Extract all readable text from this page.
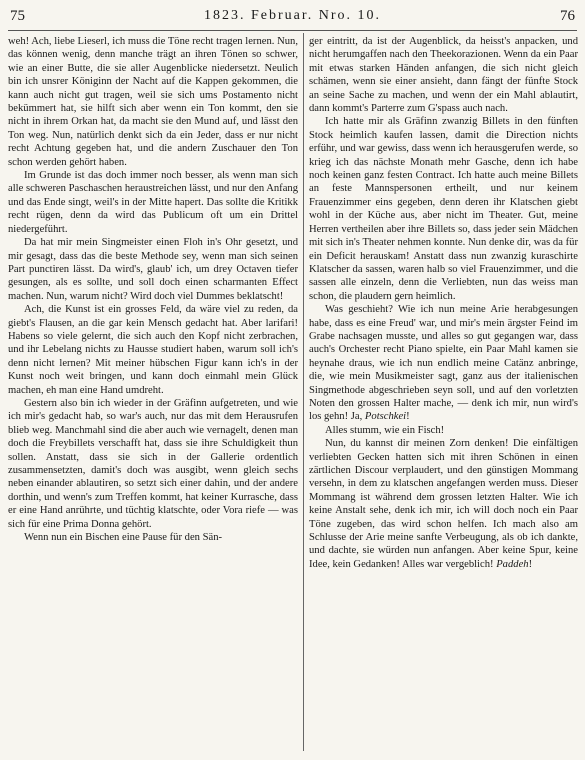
75	1823. Februar. Nro. 10.	76

weh! Ach, liebe Lieserl, ich muss die Töne recht tragen lernen. Nun, das können wenig, denn manche trägt an ihren Tönen so schwer, wie an einer Butte, die sie aller Augenblicke niedersetzt. Neulich bin ich unsrer Königinn der Nacht auf die Kappen gekommen, die kann auch nicht gut tragen, weil sie sich ums Postamento nicht bekümmert hat, sie hilft sich aber wenn ein Ton kommt, den sie nicht in ihrem Orkan hat, da macht sie den Mund auf, und lässt den Ton weg. Nun, natürlich denkt sich da ein Jeder, dass er nur nicht recht Achtung gegeben hat, und die andern Zuschauer den Ton schon werden gehört haben.

Im Grunde ist das doch immer noch besser, als wenn man sich alle schweren Paschaschen heraustreichen lässt, und nur den Anfang und das Ende singt, weil's in der Mitte hapert. Das sollte die Kritikk recht rügen, denn da wird das Publicum oft um ein Drittel niedergeführt.

Da hat mir mein Singmeister einen Floh in's Ohr gesetzt, und mir gesagt, dass das die beste Methode sey, wenn man sich seinen Part punctiren lässt. Da wird's, glaub' ich, um drey Octaven tiefer gesungen, als es sollte, und soll doch einen scharmanten Effect machen. Nun, warum nicht? Wird doch viel Dummes beklatscht!

Ach, die Kunst ist ein grosses Feld, da wäre viel zu reden, da giebt's Flausen, an die gar kein Mensch gedacht hat. Aber larifari! Habens so viele gelernt, die sich auch den Kopf nicht zerbrachen, und ihr Lebelang nichts zu Hausse studiert haben, warum soll ich's denn nicht lernen? Mit meiner hübschen Figur kann ich's in der Kunst noch weit bringen, und kann doch einmahl mein Glück machen, eh man eine Hand umdreht.

Gestern also bin ich wieder in der Gräfinn aufgetreten, und wie ich mir's gedacht hab, so war's auch, nur das mit dem Herausrufen blieb weg. Manchmahl sind die aber auch wie vernagelt, denen man doch die Freybillets verschafft hat, dass sie ihre Schuldigkeit thun sollen. Anstatt, dass sie sich in der Gallerie ordentlich zusammensetzten, damit's doch was ausgibt, wenn gleich sechs neben einander ablautiren, so setzt sich einer dahin, und der andere dorthin, und wenn's zum Treffen kommt, hat keiner Kurrasche, dass er eine Hand anrührte, und tüchtig klatschte, oder Vora riefe — was sich für eine Prima Donna gehört.

Wenn nun ein Bischen eine Pause für den Sän-

ger eintritt, da ist der Augenblick, da heisst's anpacken, und nicht herumgaffen nach den Theekorazionen. Wenn da ein Paar mit etwas starken Händen anfangen, die sich nicht gleich schämen, wenn sie einer ansieht, dann fängt der fünfte Stock an seine Sache zu machen, und wenn der ein Mahl ablautirt, dann kommt's Parterre zum G'spass auch nach.

Ich hatte mir als Gräfinn zwanzig Billets in den fünften Stock heimlich kaufen lassen, damit die Direction nichts erführ, und war gewiss, dass wenn ich herausgerufen werde, so krieg ich das nächste Monath mehr Gasche, denn ich habe noch keinen ganz festen Contract. Ich hatte auch meine Billets an feste Mannspersonen ertheilt, und nur keinem Frauenzimmer eins gegeben, denn deren ihr Klatschen giebt wohl in der Küche aus, aber nicht im Theater. Gut, meine Herren vertheilen aber ihre Billets so, dass jeder sein Mädchen mit sich in's Theater nehmen konnte. Nun denke dir, was da für ein Deficit herauskam! Anstatt dass nun zwanzig kuraschirte Klatscher da sassen, waren halb so viel Frauenzimmer, und die sassen alle einzeln, denn die Verliebten, nun das weiss man schon, die plaudern gern heimlich.

Was geschieht? Wie ich nun meine Arie herabgesungen habe, dass es eine Freud' war, und mir's mein ärgster Feind im Grabe nachsagen musste, und alles so gut gegangen war, dass auch's Orchester recht Piano spielte, ein Paar Mahl kamen sie heynahe draus, wie ich nun endlich meine Catänz anbringe, die, wie mein Musikmeister sagt, ganz aus der italienischen Singmethode abgeschrieben seyn soll, und auf den vorletzten Noten den grossen Halter mache, — denk ich mir, nun wird's los gehn! Ja, Potschkei!

Alles stumm, wie ein Fisch!

Nun, du kannst dir meinen Zorn denken! Die einfältigen verliebten Gecken hatten sich mit ihren Schönen in einen zärtlichen Discour verplaudert, und den günstigen Mommang versehn, in dem zu klatschen angefangen werden muss. Dieser Mommang ist während dem grossen letzten Halter. Wie ich keine Anstalt sehe, denk ich mir, ich will doch noch ein Paar Töne zugeben, das wird schon helfen. Ich mach also am Schlusse der Arie meine sanfte Verbeugung, als ob ich dankte, und dachte, sie würden nun anfangen. Aber keine Spur, keine Idee, kein Gedanken! Alles war vergeblich! Paddeh!
